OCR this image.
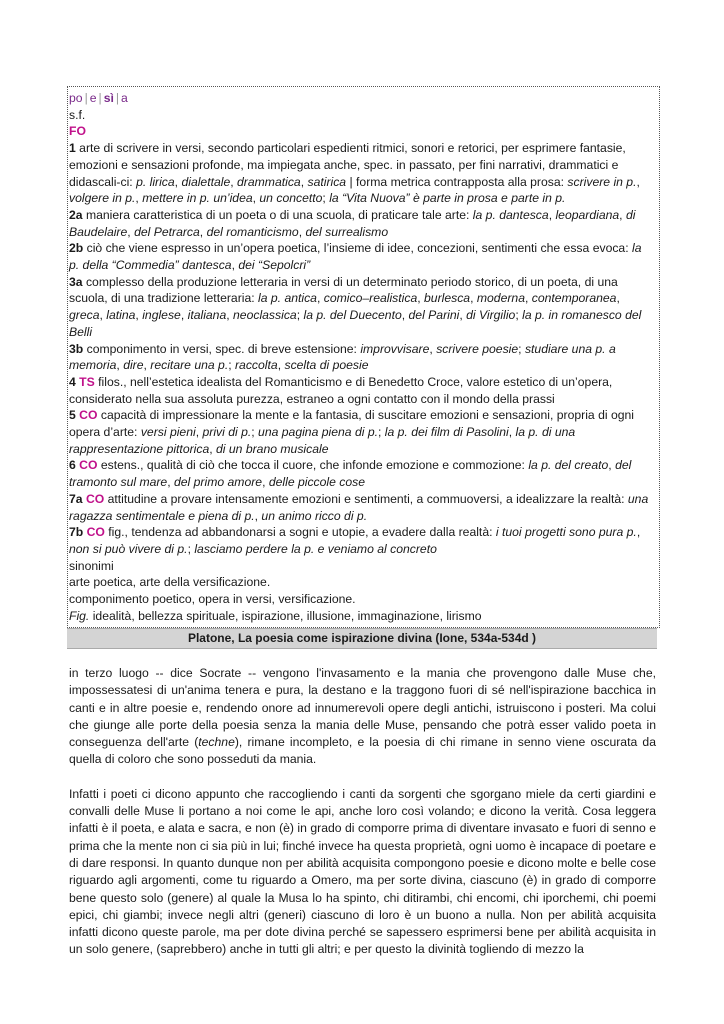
po | e | sì | a

s.f.

FO

1 arte di scrivere in versi, secondo particolari espedienti ritmici, sonori e retorici, per esprimere fantasie, emozioni e sensazioni profonde, ma impiegata anche, spec. in passato, per fini narrativi, drammatici e didascali-ci: p. lirica, dialettale, drammatica, satirica | forma metrica contrapposta alla prosa: scrivere in p., volgere in p., mettere in p. un’idea, un concetto; la “Vita Nuova” è parte in prosa e parte in p.

2a maniera caratteristica di un poeta o di una scuola, di praticare tale arte: la p. dantesca, leopardiana, di Baudelaire, del Petrarca, del romanticismo, del surrealismo

2b ciò che viene espresso in un’opera poetica, l’insieme di idee, concezioni, sentimenti che essa evoca: la p. della “Commedia” dantesca, dei “Sepolcri”

3a complesso della produzione letteraria in versi di un determinato periodo storico, di un poeta, di una scuola, di una tradizione letteraria: la p. antica, comico–realistica, burlesca, moderna, contemporanea, greca, latina, inglese, italiana, neoclassica; la p. del Duecento, del Parini, di Virgilio; la p. in romanesco del Belli

3b componimento in versi, spec. di breve estensione: improvvisare, scrivere poesie; studiare una p. a memoria, dire, recitare una p.; raccolta, scelta di poesie

4 TS filos., nell’estetica idealista del Romanticismo e di Benedetto Croce, valore estetico di un’opera, considerato nella sua assoluta purezza, estraneo a ogni contatto con il mondo della prassi

5 CO capacità di impressionare la mente e la fantasia, di suscitare emozioni e sensazioni, propria di ogni opera d’arte: versi pieni, privi di p.; una pagina piena di p.; la p. dei film di Pasolini, la p. di una rappresentazione pittorica, di un brano musicale

6 CO estens., qualità di ciò che tocca il cuore, che infonde emozione e commozione: la p. del creato, del tramonto sul mare, del primo amore, delle piccole cose

7a CO attitudine a provare intensamente emozioni e sentimenti, a commuoversi, a idealizzare la realtà: una ragazza sentimentale e piena di p., un animo ricco di p.

7b CO fig., tendenza ad abbandonarsi a sogni e utopie, a evadere dalla realtà: i tuoi progetti sono pura p., non si può vivere di p.; lasciamo perdere la p. e veniamo al concreto

sinonimi

arte poetica, arte della versificazione.

componimento poetico, opera in versi, versificazione.

Fig. idealità, bellezza spirituale, ispirazione, illusione, immaginazione, lirismo

Platone, La poesia come ispirazione divina (Ione, 534a-534d )

in terzo luogo -- dice Socrate -- vengono l'invasamento e la mania che provengono dalle Muse che, impossessatesi di un'anima tenera e pura, la destano e la traggono fuori di sé nell'ispirazione bacchica in canti e in altre poesie e, rendendo onore ad innumerevoli opere degli antichi, istruiscono i posteri. Ma colui che giunge alle porte della poesia senza la mania delle Muse, pensando che potrà esser valido poeta in conseguenza dell'arte (techne), rimane incompleto, e la poesia di chi rimane in senno viene oscurata da quella di coloro che sono posseduti da mania.

Infatti i poeti ci dicono appunto che raccogliendo i canti da sorgenti che sgorgano miele da certi giardini e convalli delle Muse li portano a noi come le api, anche loro così volando; e dicono la verità. Cosa leggera infatti è il poeta, e alata e sacra, e non (è) in grado di comporre prima di diventare invasato e fuori di senno e prima che la mente non ci sia più in lui; finché invece ha questa proprietà, ogni uomo è incapace di poetare e di dare responsi. In quanto dunque non per abilità acquisita compongono poesie e dicono molte e belle cose riguardo agli argomenti, come tu riguardo a Omero, ma per sorte divina, ciascuno (è) in grado di comporre bene questo solo (genere) al quale la Musa lo ha spinto, chi ditirambi, chi encomi, chi iporchemi, chi poemi epici, chi giambi; invece negli altri (generi) ciascuno di loro è un buono a nulla. Non per abilità acquisita infatti dicono queste parole, ma per dote divina perché se sapessero esprimersi bene per abilità acquisita in un solo genere, (saprebbero) anche in tutti gli altri; e per questo la divinità togliendo di mezzo la
